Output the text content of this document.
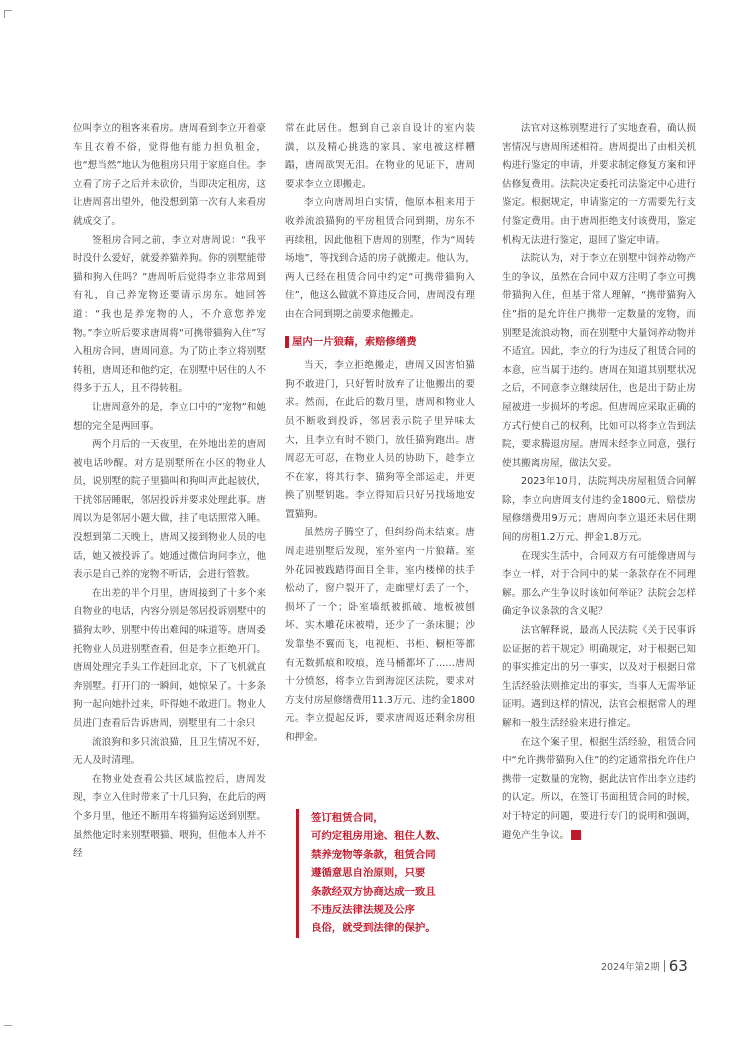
位叫李立的租客来看房。唐周看到李立开着豪车且衣着不俗，觉得他有能力担负租金，也“想当然”地认为他租房只用于家庭自住。李立看了房子之后并未砍价，当即决定租房，这让唐周喜出望外，他没想到第一次有人来看房就成交了。

签租房合同之前，李立对唐周说：“我平时没什么爱好，就爱养猫养狗。你的别墅能带猫和狗入住吗？”唐周听后觉得李立非常周到有礼，自己养宠物还要请示房东。她回答道：“我也是养宠物的人，不介意您养宠物。”李立听后要求唐周将“可携带猫狗入住”写入租房合同，唐周同意。为了防止李立将别墅转租，唐周还和他约定，在别墅中居住的人不得多于五人，且不得转租。

让唐周意外的是，李立口中的“宠物”和她想的完全是两回事。

两个月后的一天夜里，在外地出差的唐周被电话吵醒。对方是别墅所在小区的物业人员，说别墅的院子里猫叫和狗叫声此起彼伏，干扰邻居睡眠，邻居投诉并要求处理此事。唐周以为是邻居小题大做，挂了电话照常入睡。没想到第二天晚上，唐周又接到物业人员的电话，她又被投诉了。她通过微信询问李立，他表示是自己养的宠物不听话，会进行管教。

在出差的半个月里，唐周接到了十多个来自物业的电话，内容分别是邻居投诉别墅中的猫狗太吵、别墅中传出难闻的味道等。唐周委托物业人员进别墅查看，但是李立拒绝开门。唐周处理完手头工作赶回北京，下了飞机就直奔别墅。打开门的一瞬间，她惊呆了。十多条狗一起向她扑过来，吓得她不敢进门。物业人员进门查看后告诉唐周，别墅里有二十余只

流浪狗和多只流浪猫，且卫生情况不好，无人及时清理。

在物业处查看公共区域监控后，唐周发现，李立入住时带来了十几只狗，在此后的两个多月里，他还不断用车将猫狗运送到别墅。虽然他定时来别墅喂猫、喂狗，但他本人并不经

常在此居住。想到自己亲自设计的室内装潢，以及精心挑选的家具、家电被这样糟蹋，唐周欲哭无泪。在物业的见证下，唐周要求李立立即搬走。

李立向唐周坦白实情，他原本租来用于收养流浪猫狗的平房租赁合同到期，房东不再续租，因此他租下唐周的别墅，作为“周转场地”，等找到合适的房子就搬走。他认为，两人已经在租赁合同中约定“可携带猫狗入住”，他这么做就不算违反合同，唐周没有理由在合同到期之前要求他搬走。

屋内一片狼藉，索赔修缮费

当天，李立拒绝搬走，唐周又因害怕猫狗不敢进门，只好暂时放弃了让他搬出的要求。然而，在此后的数月里，唐周和物业人员不断收到投诉，邻居表示院子里异味太大，且李立有时不锁门，放任猫狗跑出。唐周忍无可忍，在物业人员的协助下，趁李立不在家，将其行李、猫狗等全部运走，并更换了别墅钥匙。李立得知后只好另找场地安置猫狗。

虽然房子腾空了，但纠纷尚未结束。唐周走进别墅后发现，室外室内一片狼藉。室外花园被践踏得面目全非，室内楼梯的扶手松动了，窗户裂开了，走廊壁灯丢了一个，损坏了一个；卧室墙纸被抓破、地板被刨坏、实木雕花床被啃，还少了一条床腿；沙发靠垫不翼而飞，电视柜、书柜、橱柜等都有无数抓痕和咬痕，连马桶都坏了……唐周十分愤怒，将李立告到海淀区法院，要求对方支付房屋修缮费用11.3万元、违约金1800元。李立提起反诉，要求唐周返还剩余房租和押金。

签订租赁合同，
可约定租房用途、租住人数、
禁养宠物等条款，租赁合同
遵循意思自治原则，只要
条款经双方协商达成一致且
不违反法律法规及公序
良俗，就受到法律的保护。

法官对这栋别墅进行了实地查看，确认损害情况与唐周所述相符。唐周提出了由相关机构进行鉴定的申请，并要求制定修复方案和评估修复费用。法院决定委托司法鉴定中心进行鉴定。根据规定，申请鉴定的一方需要先行支付鉴定费用。由于唐周拒绝支付该费用，鉴定机构无法进行鉴定，退回了鉴定申请。

法院认为，对于李立在别墅中饲养动物产生的争议，虽然在合同中双方注明了李立可携带猫狗入住，但基于常人理解，“携带猫狗入住”指的是允许住户携带一定数量的宠物，而别墅是流浪动物，而在别墅中大量饲养动物并不适宜。因此，李立的行为违反了租赁合同的本意，应当属于违约。唐周在知道其别墅状况之后，不同意李立继续居住，也是出于防止房屋被进一步损坏的考虑。但唐周应采取正确的方式行使自己的权利，比如可以将李立告到法院，要求腾退房屋。唐周未经李立同意，强行使其搬离房屋，做法欠妥。

2023年10月，法院判决房屋租赁合同解除，李立向唐周支付违约金1800元、赔偿房屋修缮费用9万元；唐周向李立退还未居住期间的房租1.2万元、押金1.8万元。

在现实生活中，合同双方有可能像唐周与李立一样，对于合同中的某一条款存在不同理解。那么产生争议时该如何举证？法院会怎样确定争议条款的含义呢？

法官解释说，最高人民法院《关于民事诉讼证据的若干规定》明确规定，对于根据已知的事实推定出的另一事实，以及对于根据日常生活经验法则推定出的事实，当事人无需举证证明。遇到这样的情况，法官会根据常人的理解和一般生活经验来进行推定。

在这个案子里，根据生活经验，租赁合同中“允许携带猫狗入住”的约定通常指允许住户携带一定数量的宠物，据此法官作出李立违约的认定。所以，在签订书面租赁合同的时候，对于特定的问题，要进行专门的说明和强调，避免产生争议。	法

2024年第2期 63
